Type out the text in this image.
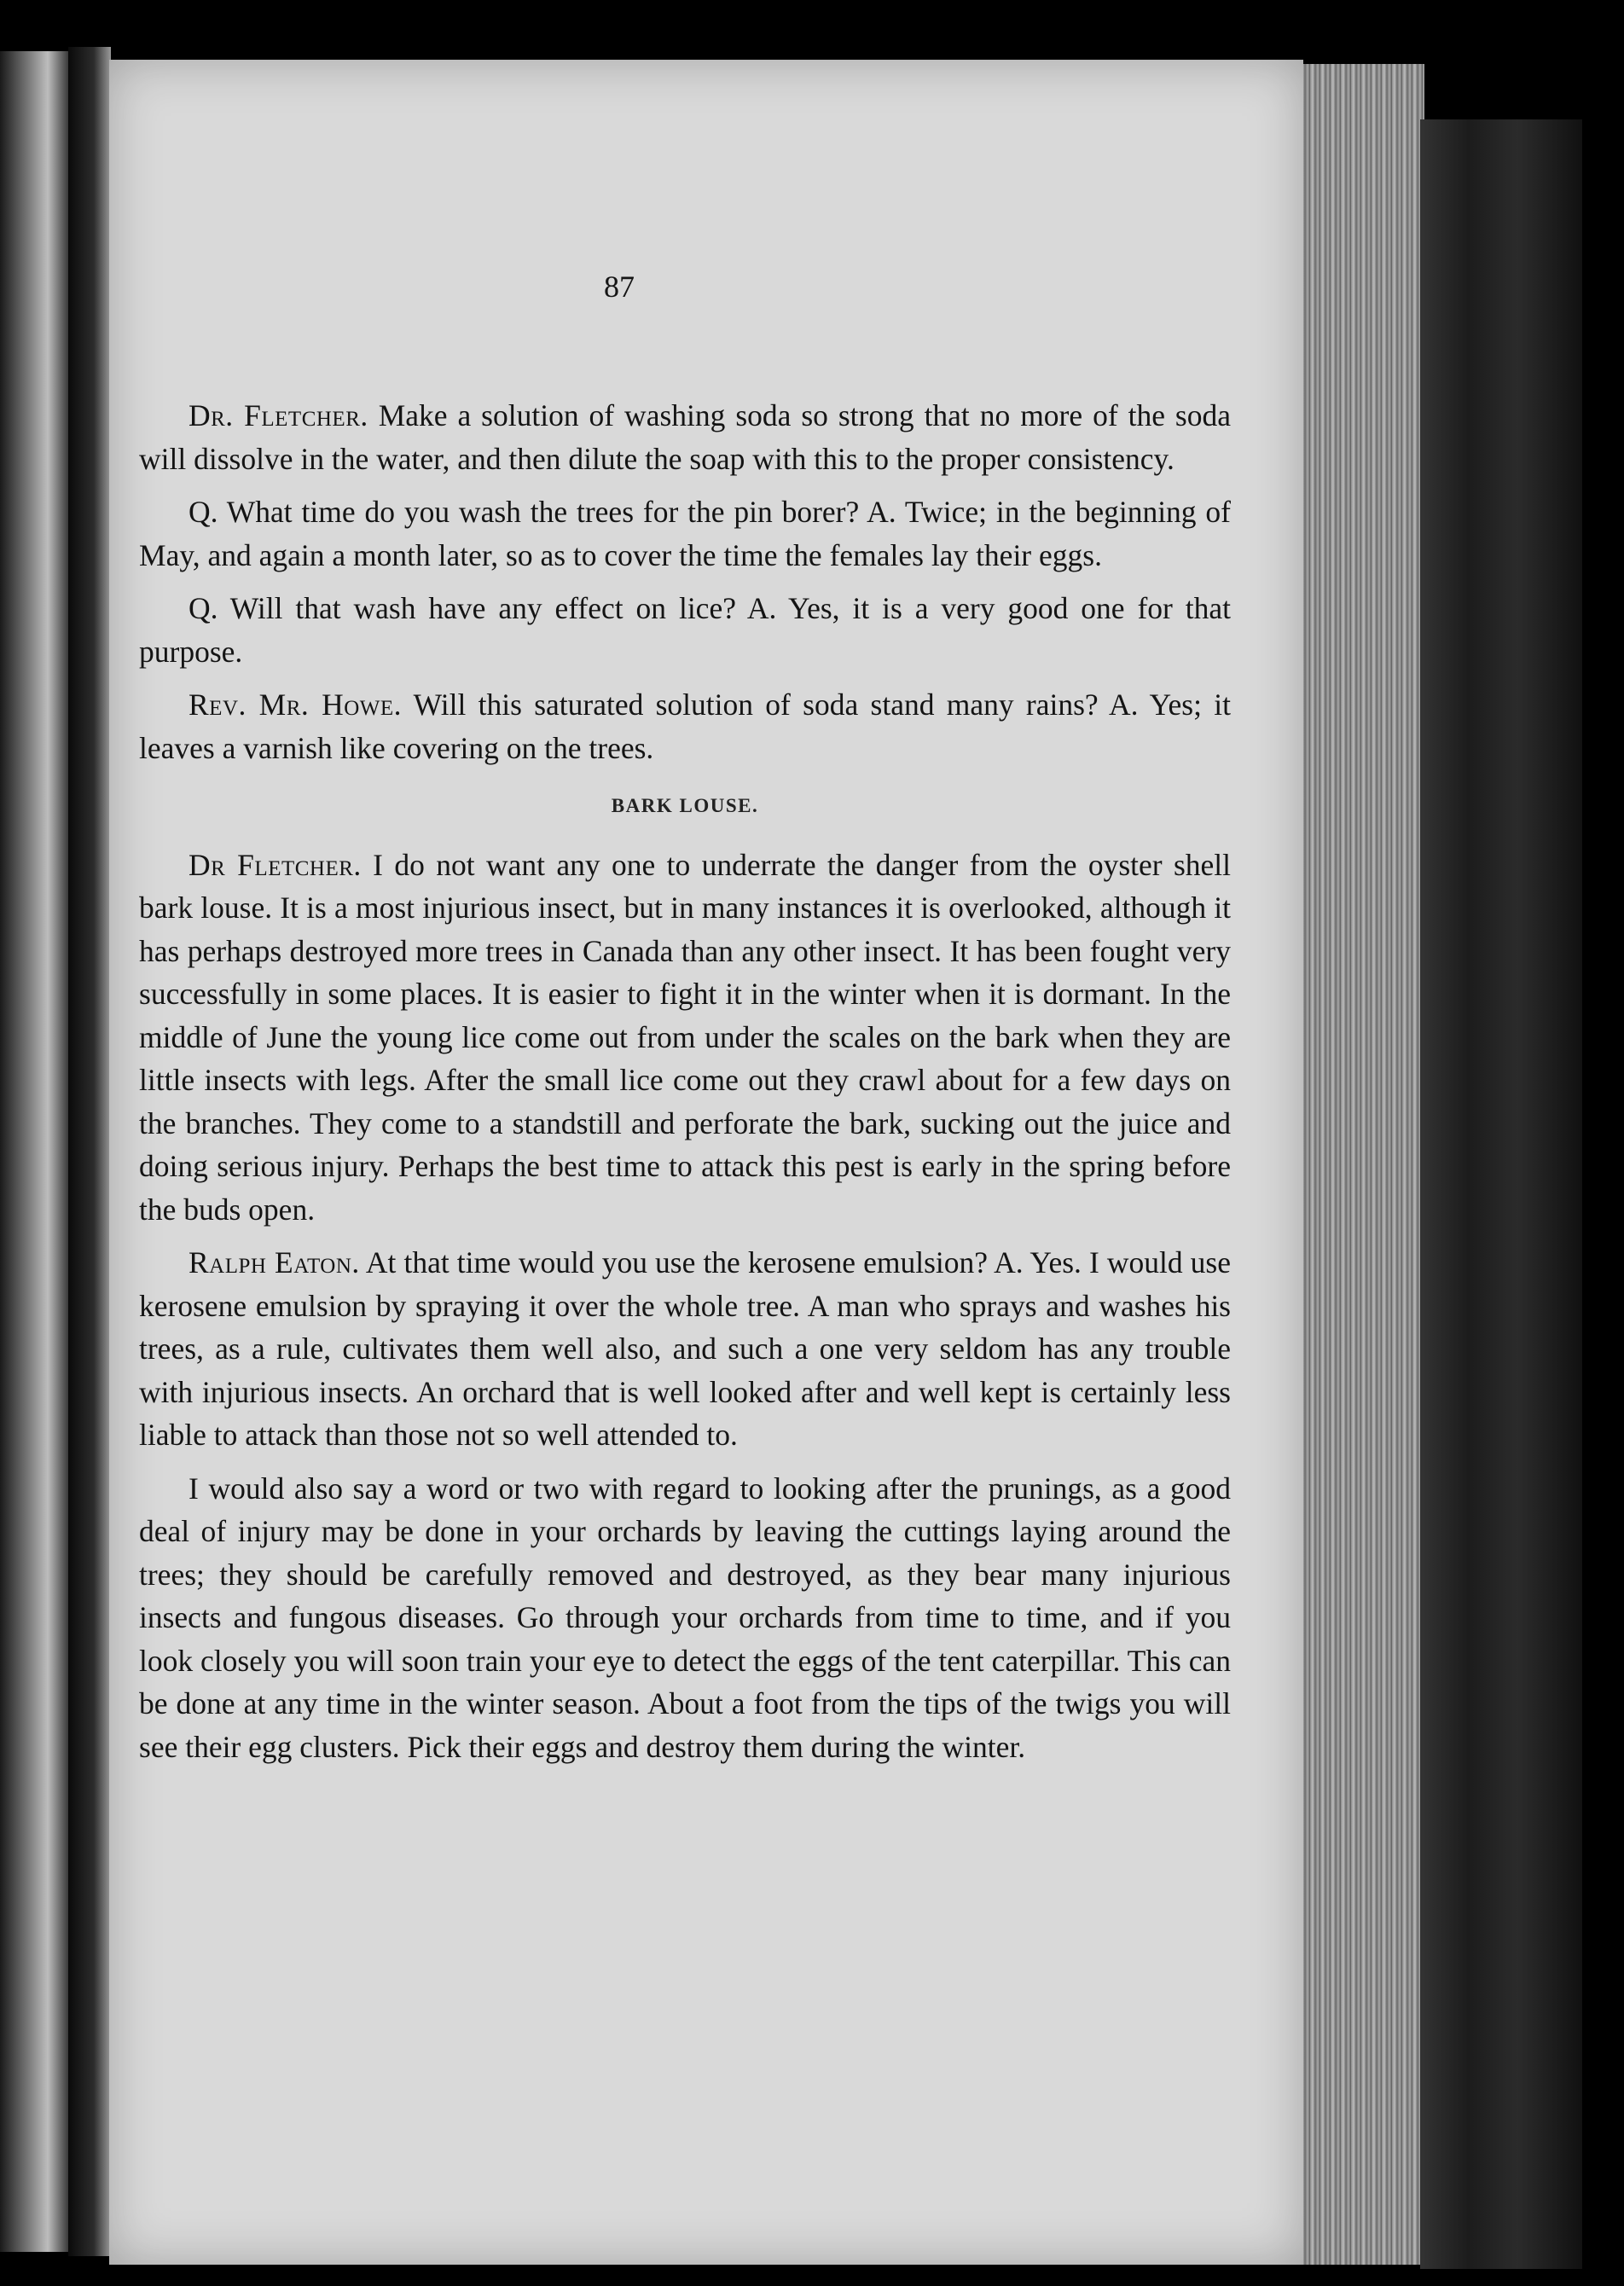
87

Dr. Fletcher. Make a solution of washing soda so strong that no more of the soda will dissolve in the water, and then dilute the soap with this to the proper consistency.

Q. What time do you wash the trees for the pin borer? A. Twice; in the beginning of May, and again a month later, so as to cover the time the females lay their eggs.

Q. Will that wash have any effect on lice? A. Yes, it is a very good one for that purpose.

Rev. Mr. Howe. Will this saturated solution of soda stand many rains? A. Yes; it leaves a varnish like covering on the trees.

BARK LOUSE.

Dr Fletcher. I do not want any one to underrate the danger from the oyster shell bark louse. It is a most injurious insect, but in many instances it is overlooked, although it has perhaps destroyed more trees in Canada than any other insect. It has been fought very successfully in some places. It is easier to fight it in the winter when it is dormant. In the middle of June the young lice come out from under the scales on the bark when they are little insects with legs. After the small lice come out they crawl about for a few days on the branches. They come to a standstill and perforate the bark, sucking out the juice and doing serious injury. Perhaps the best time to attack this pest is early in the spring before the buds open.

Ralph Eaton. At that time would you use the kerosene emulsion? A. Yes. I would use kerosene emulsion by spraying it over the whole tree. A man who sprays and washes his trees, as a rule, cultivates them well also, and such a one very seldom has any trouble with injurious insects. An orchard that is well looked after and well kept is certainly less liable to attack than those not so well attended to.

I would also say a word or two with regard to looking after the prunings, as a good deal of injury may be done in your orchards by leaving the cuttings laying around the trees; they should be carefully removed and destroyed, as they bear many injurious insects and fungous diseases. Go through your orchards from time to time, and if you look closely you will soon train your eye to detect the eggs of the tent caterpillar. This can be done at any time in the winter season. About a foot from the tips of the twigs you will see their egg clusters. Pick their eggs and destroy them during the winter.
